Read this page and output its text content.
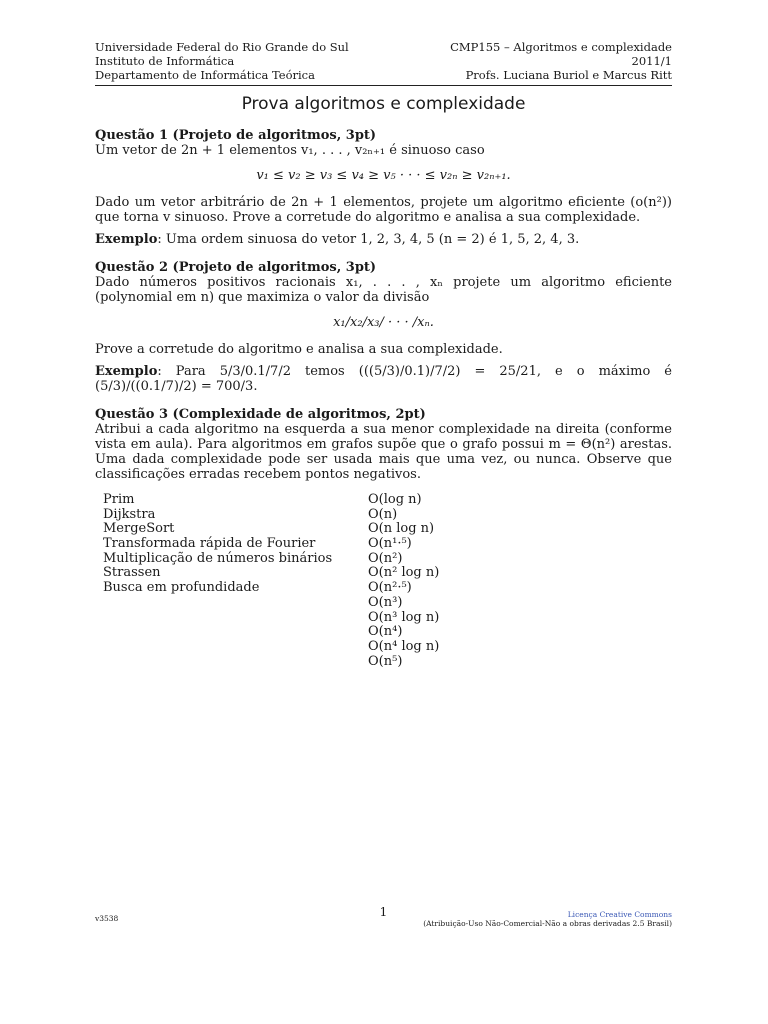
Universidade Federal do Rio Grande do Sul
Instituto de Informática
Departamento de Informática Teórica
CMP155 – Algoritmos e complexidade
2011/1
Profs. Luciana Buriol e Marcus Ritt
Prova algoritmos e complexidade
Questão 1 (Projeto de algoritmos, 3pt)

Um vetor de 2n + 1 elementos v₁, . . . , v₂ₙ₊₁ é sinuoso caso

v₁ ≤ v₂ ≥ v₃ ≤ v₄ ≥ v₅ · · · ≤ v₂ₙ ≥ v₂ₙ₊₁.

Dado um vetor arbitrário de 2n + 1 elementos, projete um algoritmo eficiente (o(n²)) que torna v sinuoso. Prove a corretude do algoritmo e analisa a sua complexidade.

Exemplo: Uma ordem sinuosa do vetor 1, 2, 3, 4, 5 (n = 2) é 1, 5, 2, 4, 3.

Questão 2 (Projeto de algoritmos, 3pt)

Dado números positivos racionais x₁, . . . , xₙ projete um algoritmo eficiente (polynomial em n) que maximiza o valor da divisão

x₁/x₂/x₃/ · · · /xₙ.

Prove a corretude do algoritmo e analisa a sua complexidade.

Exemplo: Para 5/3/0.1/7/2 temos (((5/3)/0.1)/7/2) = 25/21, e o máximo é (5/3)/((0.1/7)/2) = 700/3.

Questão 3 (Complexidade de algoritmos, 2pt)

Atribui a cada algoritmo na esquerda a sua menor complexidade na direita (conforme vista em aula). Para algoritmos em grafos supõe que o grafo possui m = Θ(n²) arestas. Uma dada complexidade pode ser usada mais que uma vez, ou nunca. Observe que classificações erradas recebem pontos negativos.

Prim
Dijkstra
MergeSort
Transformada rápida de Fourier
Multiplicação de números binários
Strassen
Busca em profundidade
O(log n)
O(n)
O(n log n)
O(n¹·⁵)
O(n²)
O(n² log n)
O(n²·⁵)
O(n³)
O(n³ log n)
O(n⁴)
O(n⁴ log n)
O(n⁵)
v3538	1	Licença Creative Commons
(Atribuição-Uso Não-Comercial-Não a obras derivadas 2.5 Brasil)
